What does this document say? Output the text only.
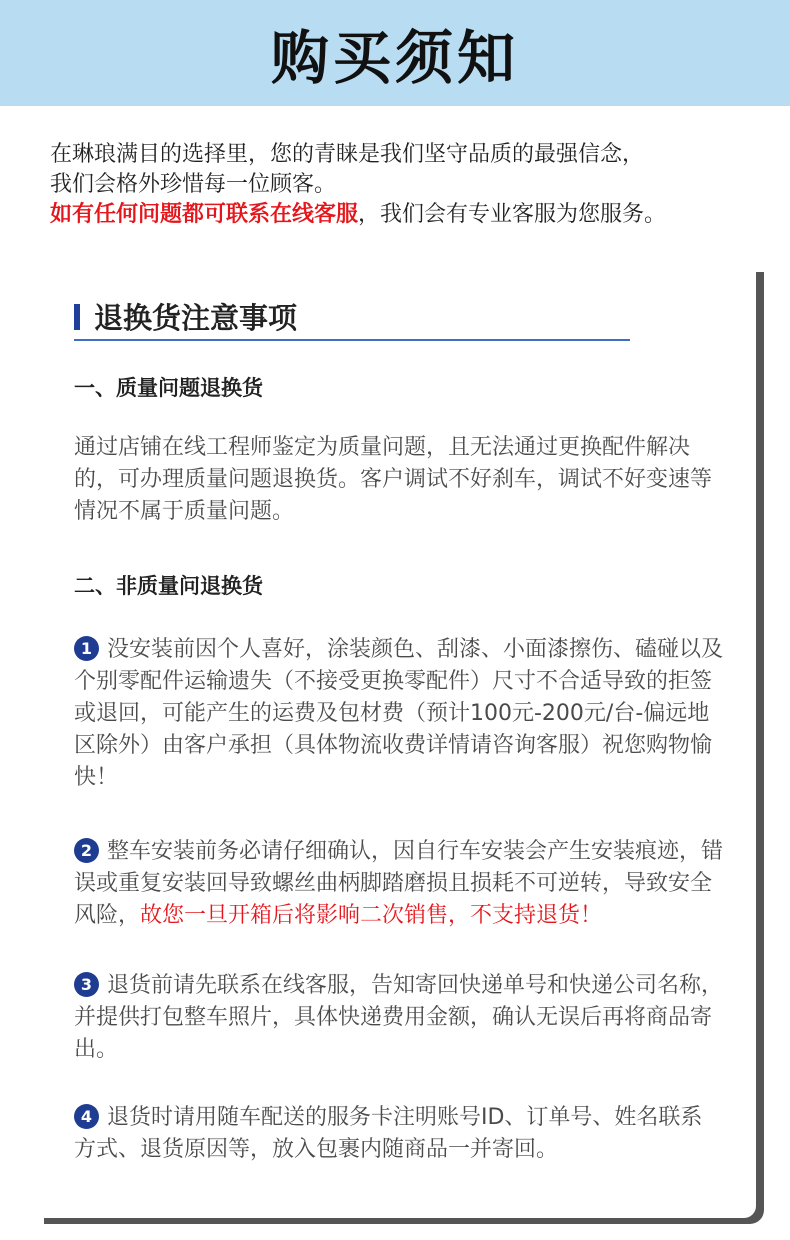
购买须知

在琳琅满目的选择里，您的青睐是我们坚守品质的最强信念，

我们会格外珍惜每一位顾客。

如有任何问题都可联系在线客服，我们会有专业客服为您服务。

退换货注意事项

一、质量问题退换货

通过店铺在线工程师鉴定为质量问题，且无法通过更换配件解决的，可办理质量问题退换货。客户调试不好刹车，调试不好变速等情况不属于质量问题。

二、非质量问退换货

1 没安装前因个人喜好，涂装颜色、刮漆、小面漆擦伤、磕碰以及个别零配件运输遗失（不接受更换零配件）尺寸不合适导致的拒签或退回，可能产生的运费及包材费（预计100元-200元/台-偏远地区除外）由客户承担（具体物流收费详情请咨询客服）祝您购物愉快！

2 整车安装前务必请仔细确认，因自行车安装会产生安装痕迹，错误或重复安装回导致螺丝曲柄脚踏磨损且损耗不可逆转，导致安全风险，故您一旦开箱后将影响二次销售，不支持退货！

3 退货前请先联系在线客服，告知寄回快递单号和快递公司名称，并提供打包整车照片，具体快递费用金额，确认无误后再将商品寄出。

4 退货时请用随车配送的服务卡注明账号ID、订单号、姓名联系方式、退货原因等，放入包裹内随商品一并寄回。
